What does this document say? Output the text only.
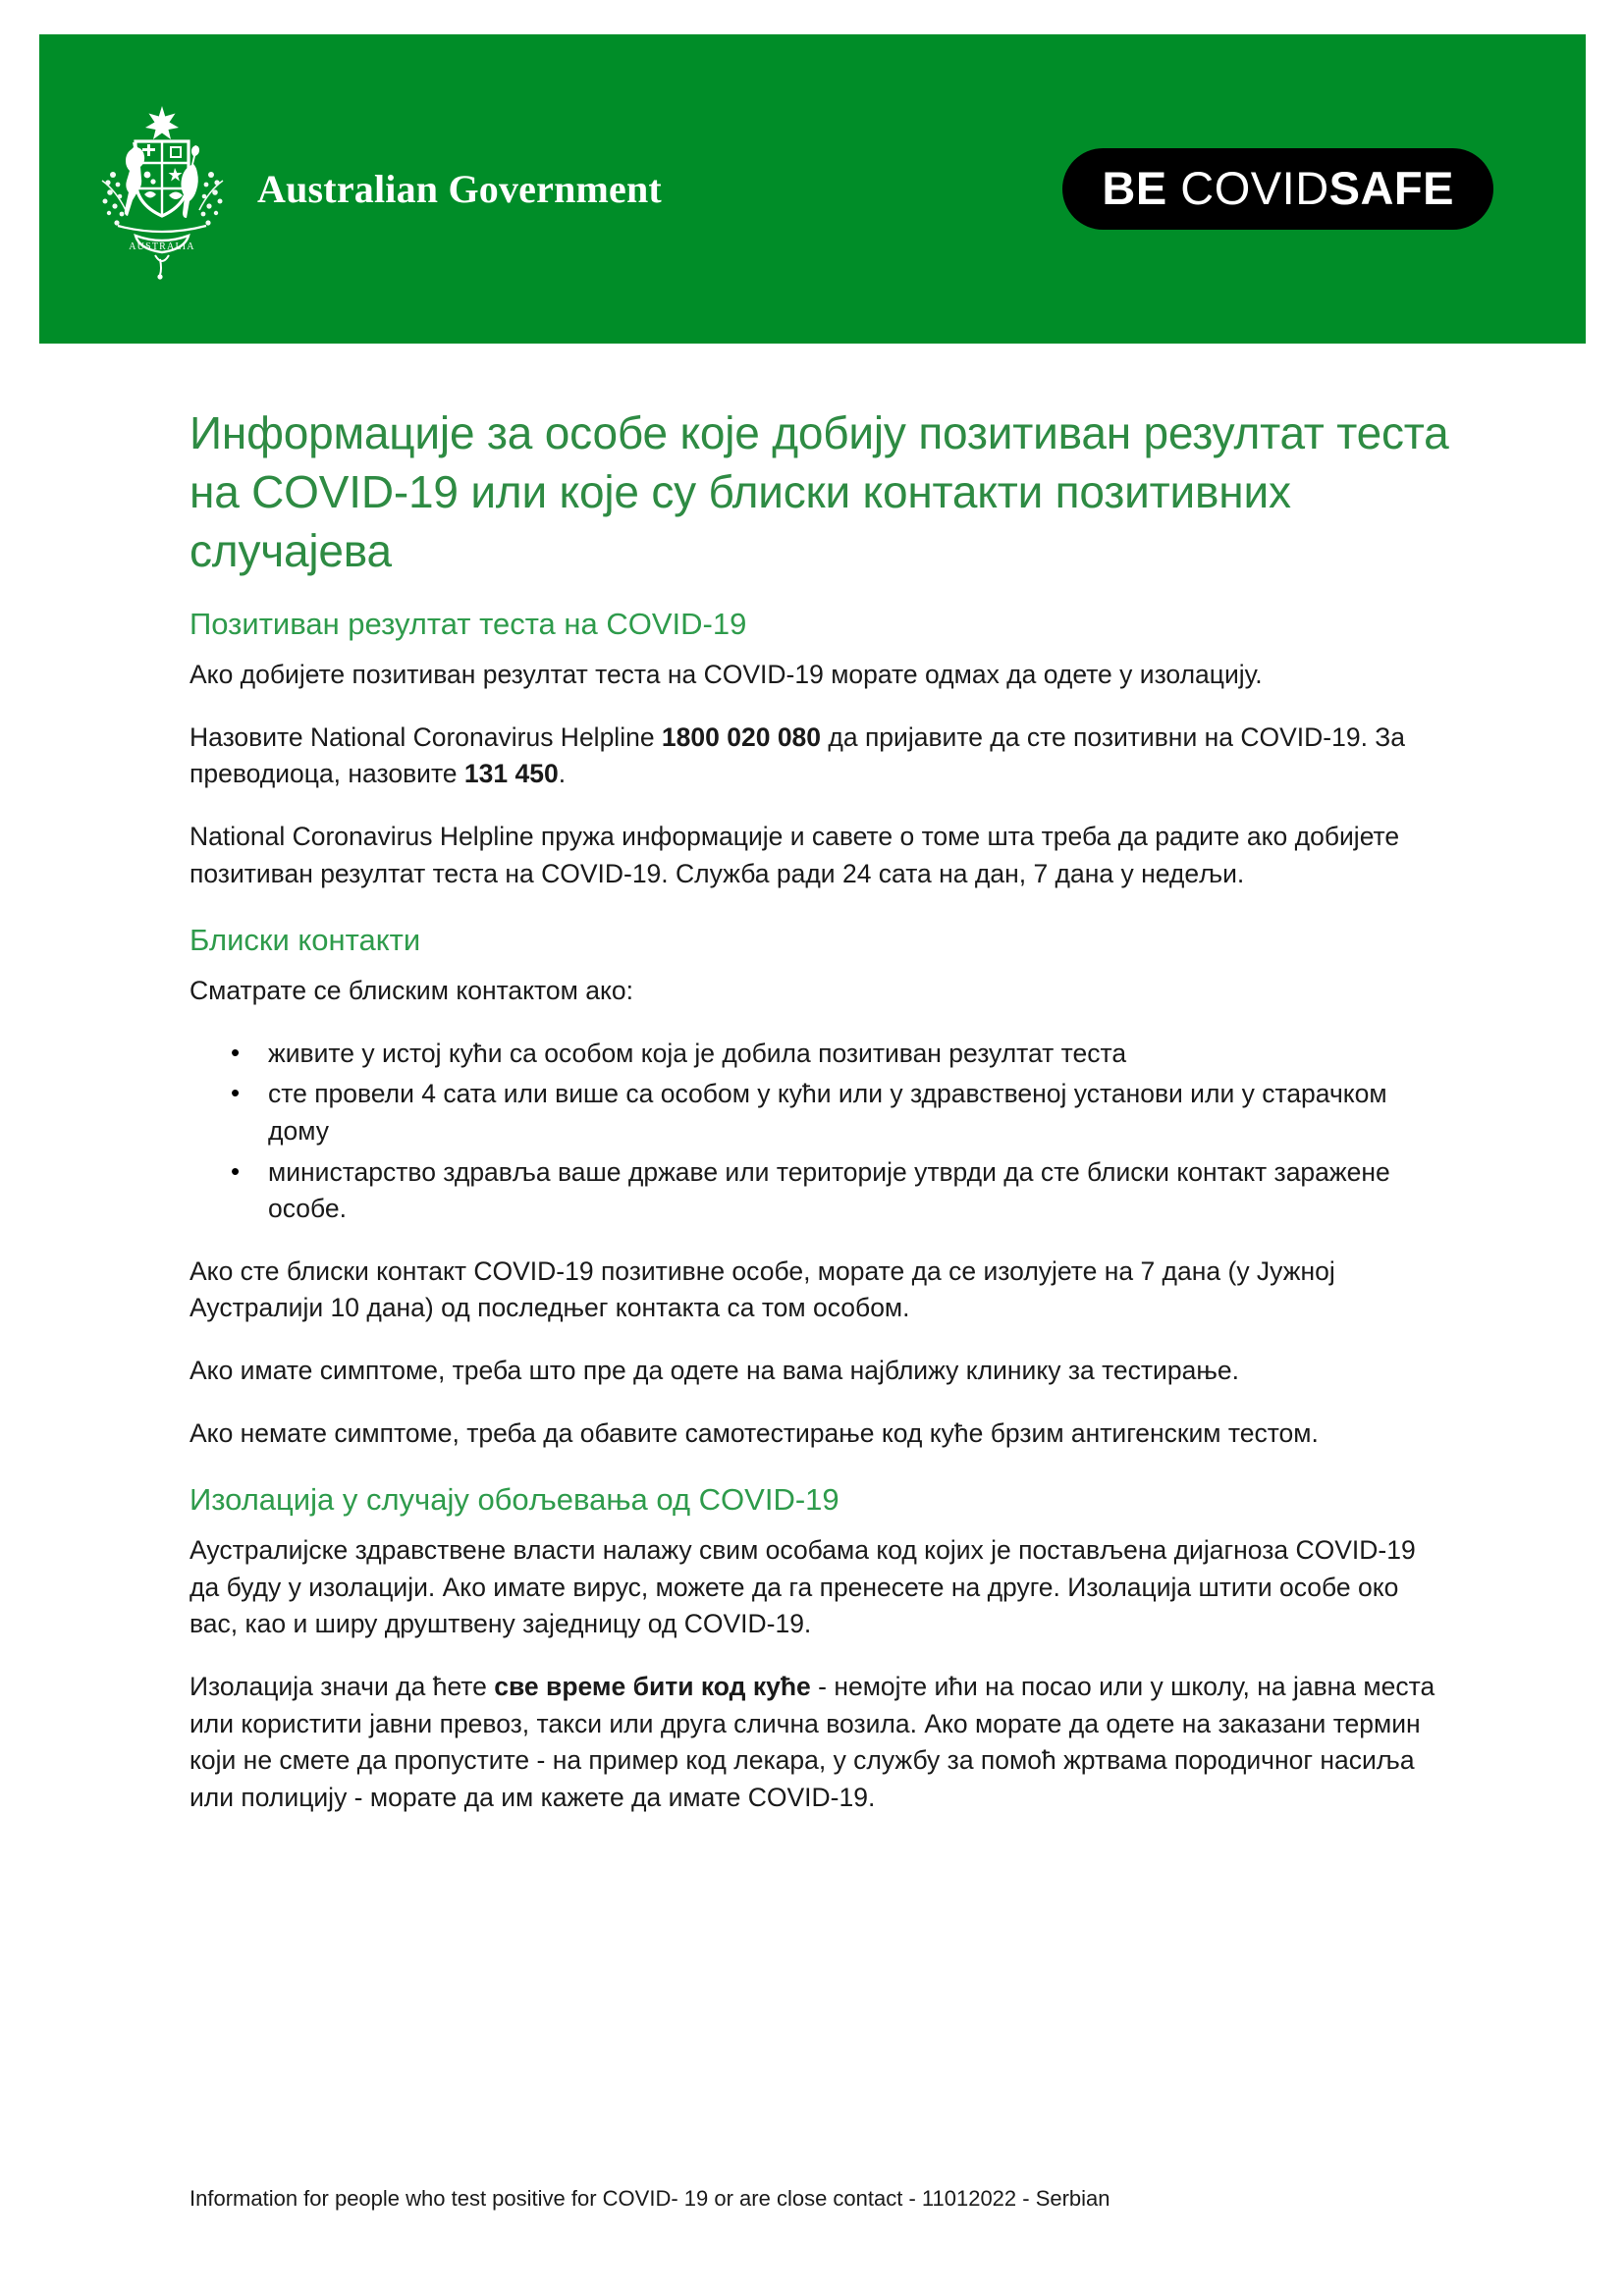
AUSTRALIA
Australian Government	BE COVIDSAFE
Информације за особе које добију позитиван резултат теста на COVID-19 или које су блиски контакти позитивних случајева
Позитиван резултат теста на COVID-19

Ако добијете позитиван резултат теста на COVID-19 морате одмах да одете у изолацију.

Назовите National Coronavirus Helpline 1800 020 080 да пријавите да сте позитивни на COVID-19. За преводиоца, назовите 131 450.

National Coronavirus Helpline пружа информације и савете о томе шта треба да радите ако добијете позитиван резултат теста на COVID-19. Служба ради 24 сата на дан, 7 дана у недељи.

Блиски контакти

Сматрате се блиским контактом ако:

• живите у истој кући са особом која је добила позитиван резултат теста
• сте провели 4 сата или више са особом у кући или у здравственој установи или у старачком дому
• министарство здравља ваше државе или територије утврди да сте блиски контакт заражене особе.

Ако сте блиски контакт COVID-19 позитивне особе, морате да се изолујете на 7 дана (у Јужној Аустралији 10 дана) од последњег контакта са том особом.

Ако имате симптоме, треба што пре да одете на вама најближу клинику за тестирање.

Ако немате симптоме, треба да обавите самотестирање код куће брзим антигенским тестом.

Изолација у случају обољевања од COVID-19

Аустралијске здравствене власти налажу свим особама код којих је постављена дијагноза COVID-19 да буду у изолацији. Ако имате вирус, можете да га пренесете на друге. Изолација штити особе око вас, као и ширу друштвену заједницу од COVID-19.

Изолација значи да ћете све време бити код куће - немојте ићи на посао или у школу, на јавна места или користити јавни превоз, такси или друга слична возила. Ако морате да одете на заказани термин који не смете да пропустите - на пример код лекара, у службу за помоћ жртвама породичног насиља или полицију - морате да им кажете да имате COVID-19.

Information for people who test positive for COVID- 19 or are close contact - 11012022 - Serbian
